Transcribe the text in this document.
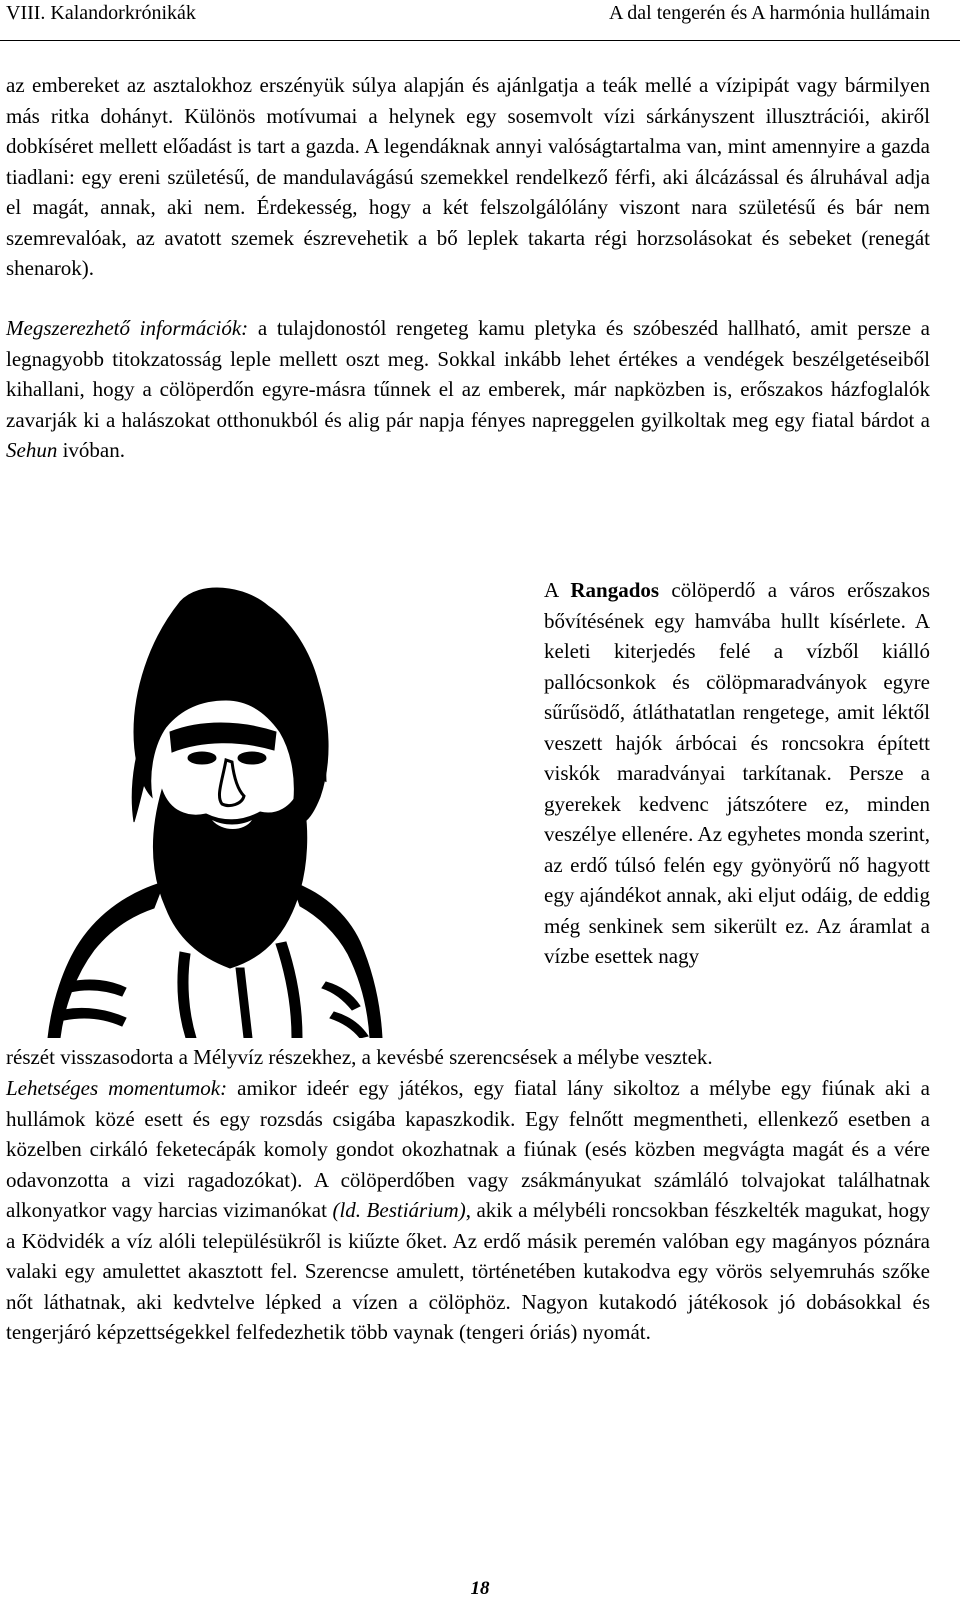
VIII. Kalandorkrónikák	A dal tengerén és A harmónia hullámain
az embereket az asztalokhoz erszényük súlya alapján és ajánlgatja a teák mellé a vízipipát vagy bármilyen más ritka dohányt. Különös motívumai a helynek egy sosemvolt vízi sárkányszent illusztrációi, akiről dobkíséret mellett előadást is tart a gazda. A legendáknak annyi valóságtartalma van, mint amennyire a gazda tiadlani: egy ereni születésű, de mandulavágású szemekkel rendelkező férfi, aki álcázással és álruhával adja el magát, annak, aki nem. Érdekesség, hogy a két felszolgálólány viszont nara születésű és bár nem szemrevalóak, az avatott szemek észrevehetik a bő leplek takarta régi horzsolásokat és sebeket (renegát shenarok).
Megszerezhető információk: a tulajdonostól rengeteg kamu pletyka és szóbeszéd hallható, amit persze a legnagyobb titokzatosság leple mellett oszt meg. Sokkal inkább lehet értékes a vendégek beszélgetéseiből kihallani, hogy a cölöperdőn egyre-másra tűnnek el az emberek, már napközben is, erőszakos házfoglalók zavarják ki a halászokat otthonukból és alig pár napja fényes napreggelen gyilkoltak meg egy fiatal bárdot a Sehun ivóban.
A Rangados cölöperdő a város erőszakos bővítésének egy hamvába hullt kísérlete. A keleti kiterjedés felé a vízből kiálló pallócsonkok és cölöpmaradványok egyre sűrűsödő, átláthatatlan rengetege, amit léktől veszett hajók árbócai és roncsokra épített viskók maradványai tarkítanak. Persze a gyerekek kedvenc játszótere ez, minden veszélye ellenére. Az egyhetes monda szerint, az erdő túlsó felén egy gyönyörű nő hagyott egy ajándékot annak, aki eljut odáig, de eddig még senkinek sem sikerült ez. Az áramlat a vízbe esettek nagy
részét visszasodorta a Mélyvíz részekhez, a kevésbé szerencsések a mélybe vesztek.
Lehetséges momentumok: amikor ideér egy játékos, egy fiatal lány sikoltoz a mélybe egy fiúnak aki a hullámok közé esett és egy rozsdás csigába kapaszkodik. Egy felnőtt megmentheti, ellenkező esetben a közelben cirkáló feketecápák komoly gondot okozhatnak a fiúnak (esés közben megvágta magát és a vére odavonzotta a vizi ragadozókat). A cölöperdőben vagy zsákmányukat számláló tolvajokat találhatnak alkonyatkor vagy harcias vizimanókat (ld. Bestiárium), akik a mélybéli roncsokban fészkelték magukat, hogy a Ködvidék a víz alóli településükről is kiűzte őket. Az erdő másik peremén valóban egy magányos póznára valaki egy amulettet akasztott fel. Szerencse amulett, történetében kutakodva egy vörös selyemruhás szőke nőt láthatnak, aki kedvtelve lépked a vízen a cölöphöz. Nagyon kutakodó játékosok jó dobásokkal és tengerjáró képzettségekkel felfedezhetik több vaynak (tengeri óriás) nyomát.
18
